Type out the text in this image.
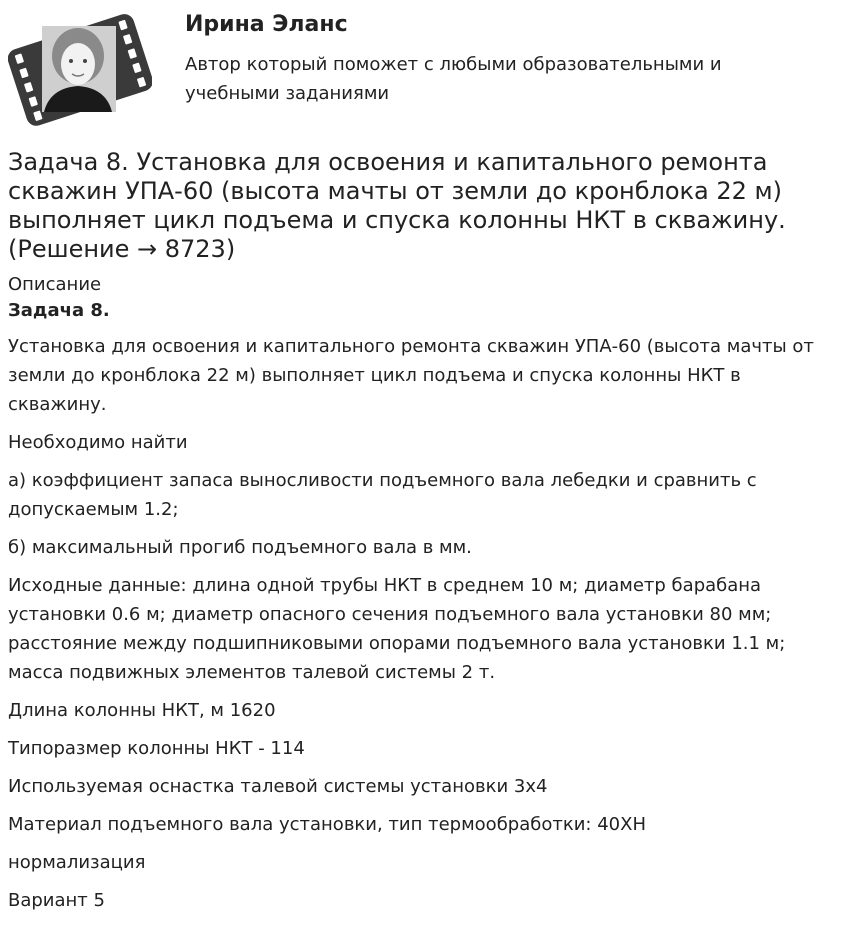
Ирина Эланс

Автор который поможет с любыми образовательными и учебными заданиями

Задача 8. Установка для освоения и капитального ремонта скважин УПА-60 (высота мачты от земли до кронблока 22 м) выполняет цикл подъема и спуска колонны НКТ в скважину. (Решение → 8723)

Описание

Задача 8.

Установка для освоения и капитального ремонта скважин УПА-60 (высота мачты от земли до кронблока 22 м) выполняет цикл подъема и спуска колонны НКТ в скважину.

Необходимо найти

а) коэффициент запаса выносливости подъемного вала лебедки и сравнить с допускаемым 1.2;

б) максимальный прогиб подъемного вала в мм.

Исходные данные: длина одной трубы НКТ в среднем 10 м; диаметр барабана установки 0.6 м; диаметр опасного сечения подъемного вала установки 80 мм; расстояние между подшипниковыми опорами подъемного вала установки 1.1 м; масса подвижных элементов талевой системы 2 т.

Длина колонны НКТ, м 1620

Типоразмер колонны НКТ - 114

Используемая оснастка талевой системы установки 3х4

Материал подъемного вала установки, тип термообработки: 40ХН

нормализация

Вариант 5
